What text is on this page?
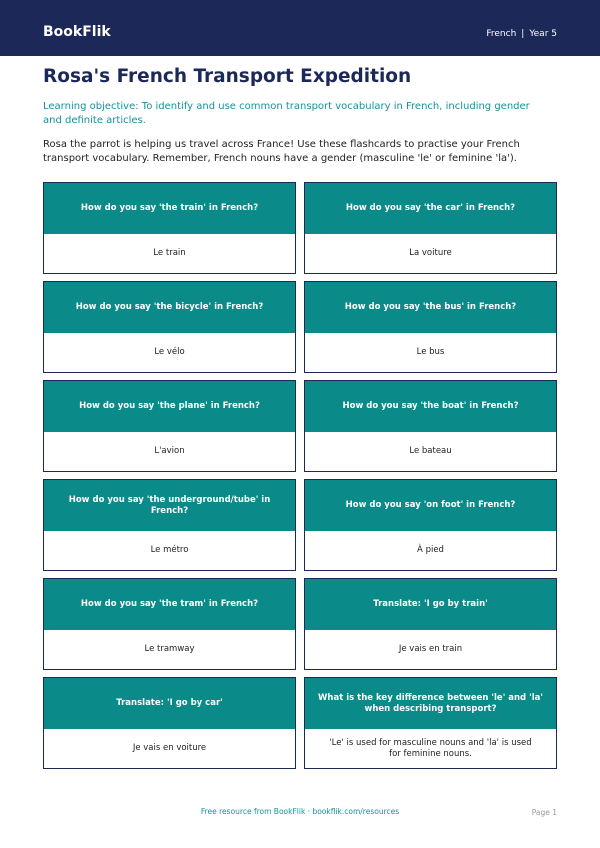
BookFlik	French | Year 5
Rosa's French Transport Expedition

Learning objective: To identify and use common transport vocabulary in French, including gender and definite articles.

Rosa the parrot is helping us travel across France! Use these flashcards to practise your French transport vocabulary. Remember, French nouns have a gender (masculine 'le' or feminine 'la').

How do you say 'the train' in French?
Le train
How do you say 'the car' in French?
La voiture
How do you say 'the bicycle' in French?
Le vélo
How do you say 'the bus' in French?
Le bus
How do you say 'the plane' in French?
L'avion
How do you say 'the boat' in French?
Le bateau
How do you say 'the underground/tube' in French?
Le métro
How do you say 'on foot' in French?
À pied
How do you say 'the tram' in French?
Le tramway
Translate: 'I go by train'
Je vais en train
Translate: 'I go by car'
Je vais en voiture
What is the key difference between 'le' and 'la' when describing transport?
'Le' is used for masculine nouns and 'la' is used for feminine nouns.
Free resource from BookFlik · bookflik.com/resources	Page 1
